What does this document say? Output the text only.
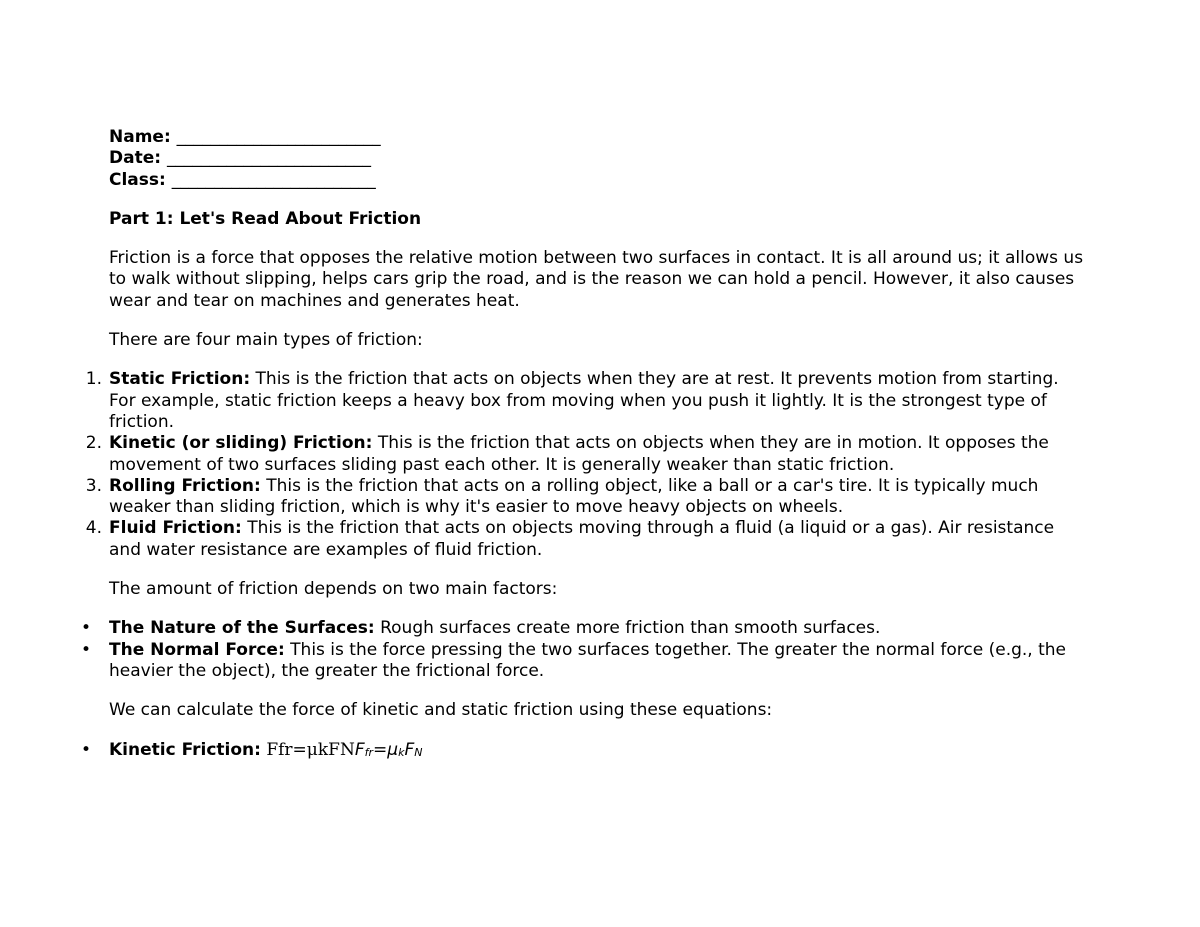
Name: ________________________
Date: ________________________
Class: ________________________

Part 1: Let's Read About Friction

Friction is a force that opposes the relative motion between two surfaces in contact. It is all around us; it allows us to walk without slipping, helps cars grip the road, and is the reason we can hold a pencil. However, it also causes wear and tear on machines and generates heat.

There are four main types of friction:

1. Static Friction: This is the friction that acts on objects when they are at rest. It prevents motion from starting. For example, static friction keeps a heavy box from moving when you push it lightly. It is the strongest type of friction.
2. Kinetic (or sliding) Friction: This is the friction that acts on objects when they are in motion. It opposes the movement of two surfaces sliding past each other. It is generally weaker than static friction.
3. Rolling Friction: This is the friction that acts on a rolling object, like a ball or a car's tire. It is typically much weaker than sliding friction, which is why it's easier to move heavy objects on wheels.
4. Fluid Friction: This is the friction that acts on objects moving through a fluid (a liquid or a gas). Air resistance and water resistance are examples of fluid friction.

The amount of friction depends on two main factors:

• The Nature of the Surfaces: Rough surfaces create more friction than smooth surfaces.
• The Normal Force: This is the force pressing the two surfaces together. The greater the normal force (e.g., the heavier the object), the greater the frictional force.

We can calculate the force of kinetic and static friction using these equations:

• Kinetic Friction: $Ffr=\mu kFNF_{fr}=\mu_kF_N$
